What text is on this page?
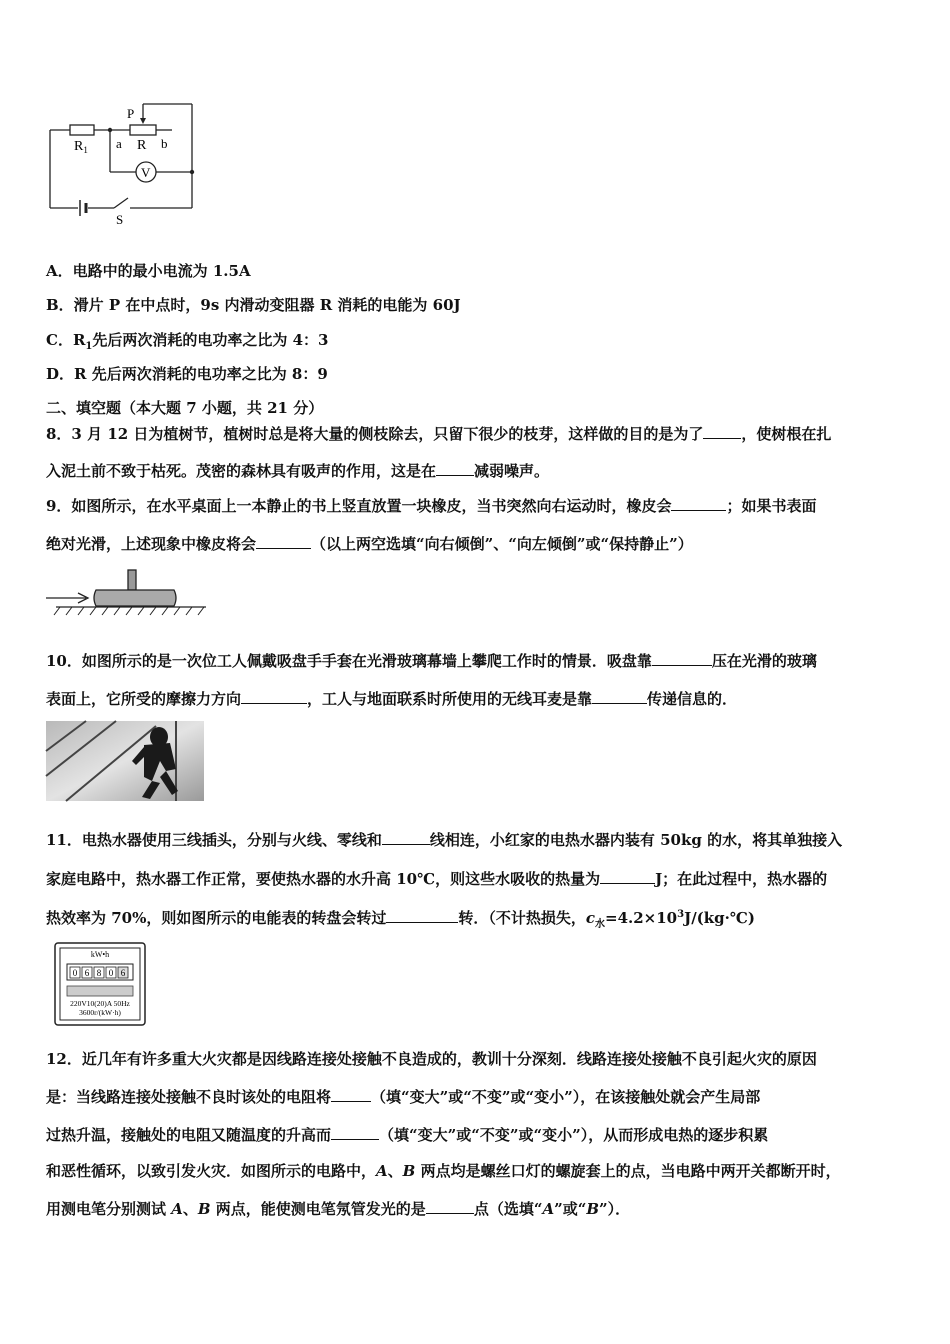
$R_1$ a R b
P
V
S
A．电路中的最小电流为 1.5A
B．滑片 P 在中点时，9s 内滑动变阻器 R 消耗的电能为 60J
C．$R_1$先后两次消耗的电功率之比为 4：3
D．R 先后两次消耗的电功率之比为 8：9
二、填空题（本大题 7 小题，共 21 分）
8．3 月 12 日为植树节，植树时总是将大量的侧枝除去，只留下很少的枝芽，这样做的目的是为了	，使树根在扎
入泥土前不致于枯死。茂密的森林具有吸声的作用，这是在	减弱噪声。
9．如图所示，在水平桌面上一本静止的书上竖直放置一块橡皮，当书突然向右运动时，橡皮会	；如果书表面
绝对光滑，上述现象中橡皮将会	（以上两空选填“向右倾倒”、“向左倾倒”或“保持静止”）
10．如图所示的是一次位工人佩戴吸盘手手套在光滑玻璃幕墙上攀爬工作时的情景．吸盘靠	压在光滑的玻璃
表面上，它所受的摩擦力方向	，工人与地面联系时所使用的无线耳麦是靠	传递信息的．
11．电热水器使用三线插头，分别与火线、零线和	线相连，小红家的电热水器内装有 50kg 的水，将其单独接入
家庭电路中，热水器工作正常，要使热水器的水升高 10℃，则这些水吸收的热量为	J；在此过程中，热水器的
热效率为 70%，则如图所示的电能表的转盘会转过	转．（不计热损失，$c_水=4.2\times 10^3J/(kg\cdot℃)$
kW•h
0 6 8 0 6
220V10(20)A 50Hz
3600r/(kW·h)
12．近几年有许多重大火灾都是因线路连接处接触不良造成的，教训十分深刻．线路连接处接触不良引起火灾的原因
是：当线路连接处接触不良时该处的电阻将	（填“变大”或“不变”或“变小”），在该接触处就会产生局部
过热升温，接触处的电阻又随温度的升高而	（填“变大”或“不变”或“变小”），从而形成电热的逐步积累
和恶性循环，以致引发火灾．如图所示的电路中，A、B 两点均是螺丝口灯的螺旋套上的点，当电路中两开关都断开时，
用测电笔分别测试 A、B 两点，能使测电笔氖管发光的是	点（选填“A”或“B”）．
